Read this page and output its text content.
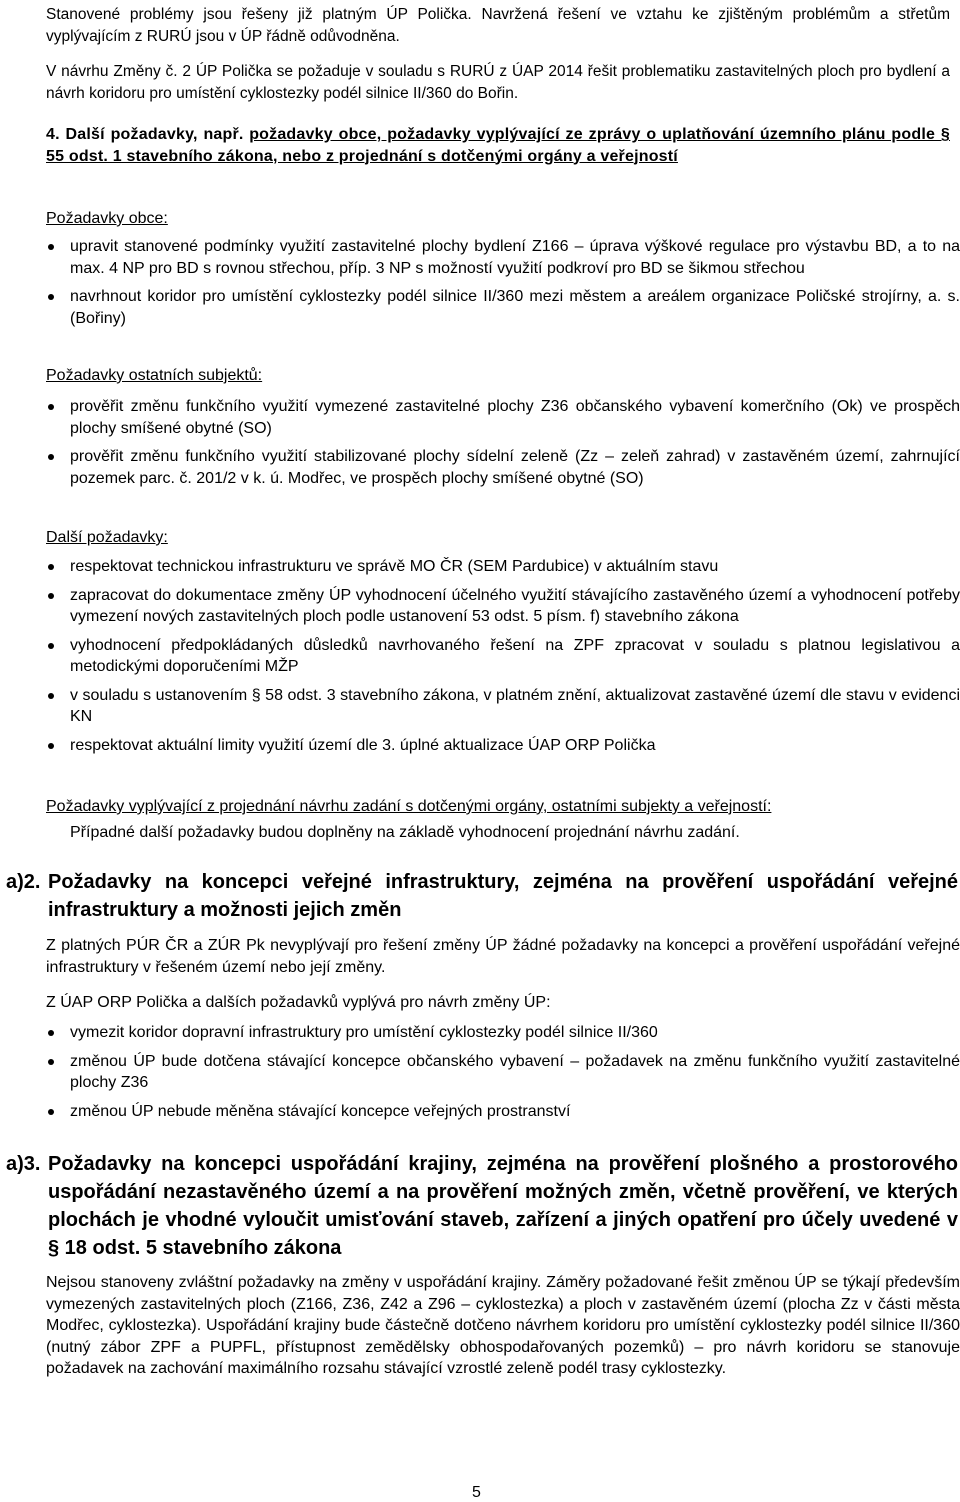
Stanovené problémy jsou řešeny již platným ÚP Polička. Navržená řešení ve vztahu ke zjištěným problémům a střetům vyplývajícím z RURÚ jsou v ÚP řádně odůvodněna.

V návrhu Změny č. 2 ÚP Polička se požaduje v souladu s RURÚ z ÚAP 2014 řešit problematiku zastavitelných ploch pro bydlení a návrh koridoru pro umístění cyklostezky podél silnice II/360 do Bořin.

4. Další požadavky, např. požadavky obce, požadavky vyplývající ze zprávy o uplatňování územního plánu podle § 55 odst. 1 stavebního zákona, nebo z projednání s dotčenými orgány a veřejností

Požadavky obce:

upravit stanovené podmínky využití zastavitelné plochy bydlení Z166 – úprava výškové regulace pro výstavbu BD, a to na max. 4 NP pro BD s rovnou střechou, příp. 3 NP s možností využití podkroví pro BD se šikmou střechou
navrhnout koridor pro umístění cyklostezky podél silnice II/360 mezi městem a areálem organizace Poličské strojírny, a. s. (Bořiny)

Požadavky ostatních subjektů:

prověřit změnu funkčního využití vymezené zastavitelné plochy Z36 občanského vybavení komerčního (Ok) ve prospěch plochy smíšené obytné (SO)
prověřit změnu funkčního využití stabilizované plochy sídelní zeleně (Zz – zeleň zahrad) v zastavěném území, zahrnující pozemek parc. č. 201/2 v k. ú. Modřec, ve prospěch plochy smíšené obytné (SO)

Další požadavky:

respektovat technickou infrastrukturu ve správě MO ČR (SEM Pardubice) v aktuálním stavu
zapracovat do dokumentace změny ÚP vyhodnocení účelného využití stávajícího zastavěného území a vyhodnocení potřeby vymezení nových zastavitelných ploch podle ustanovení 53 odst. 5 písm. f) stavebního zákona
vyhodnocení předpokládaných důsledků navrhovaného řešení na ZPF zpracovat v souladu s platnou legislativou a metodickými doporučeními MŽP
v souladu s ustanovením § 58 odst. 3 stavebního zákona, v platném znění, aktualizovat zastavěné území dle stavu v evidenci KN
respektovat aktuální limity využití území dle 3. úplné aktualizace ÚAP ORP Polička

Požadavky vyplývající z projednání návrhu zadání s dotčenými orgány, ostatními subjekty a veřejností:

Případné další požadavky budou doplněny na základě vyhodnocení projednání návrhu zadání.

a)2. Požadavky na koncepci veřejné infrastruktury, zejména na prověření uspořádání veřejné infrastruktury a možnosti jejich změn

Z platných PÚR ČR a ZÚR Pk nevyplývají pro řešení změny ÚP žádné požadavky na koncepci a prověření uspořádání veřejné infrastruktury v řešeném území nebo její změny.

Z ÚAP ORP Polička a dalších požadavků vyplývá pro návrh změny ÚP:

vymezit koridor dopravní infrastruktury pro umístění cyklostezky podél silnice II/360
změnou ÚP bude dotčena stávající koncepce občanského vybavení – požadavek na změnu funkčního využití zastavitelné plochy Z36
změnou ÚP nebude měněna stávající koncepce veřejných prostranství
a)3. Požadavky na koncepci uspořádání krajiny, zejména na prověření plošného a prostorového uspořádání nezastavěného území a na prověření možných změn, včetně prověření, ve kterých plochách je vhodné vyloučit umisťování staveb, zařízení a jiných opatření pro účely uvedené v § 18 odst. 5 stavebního zákona

Nejsou stanoveny zvláštní požadavky na změny v uspořádání krajiny. Záměry požadované řešit změnou ÚP se týkají především vymezených zastavitelných ploch (Z166, Z36, Z42 a Z96 – cyklostezka) a ploch v zastavěném území (plocha Zz v části města Modřec, cyklostezka). Uspořádání krajiny bude částečně dotčeno návrhem koridoru pro umístění cyklostezky podél silnice II/360 (nutný zábor ZPF a PUPFL, přístupnost zemědělsky obhospodařovaných pozemků) – pro návrh koridoru se stanovuje požadavek na zachování maximálního rozsahu stávající vzrostlé zeleně podél trasy cyklostezky.

5
